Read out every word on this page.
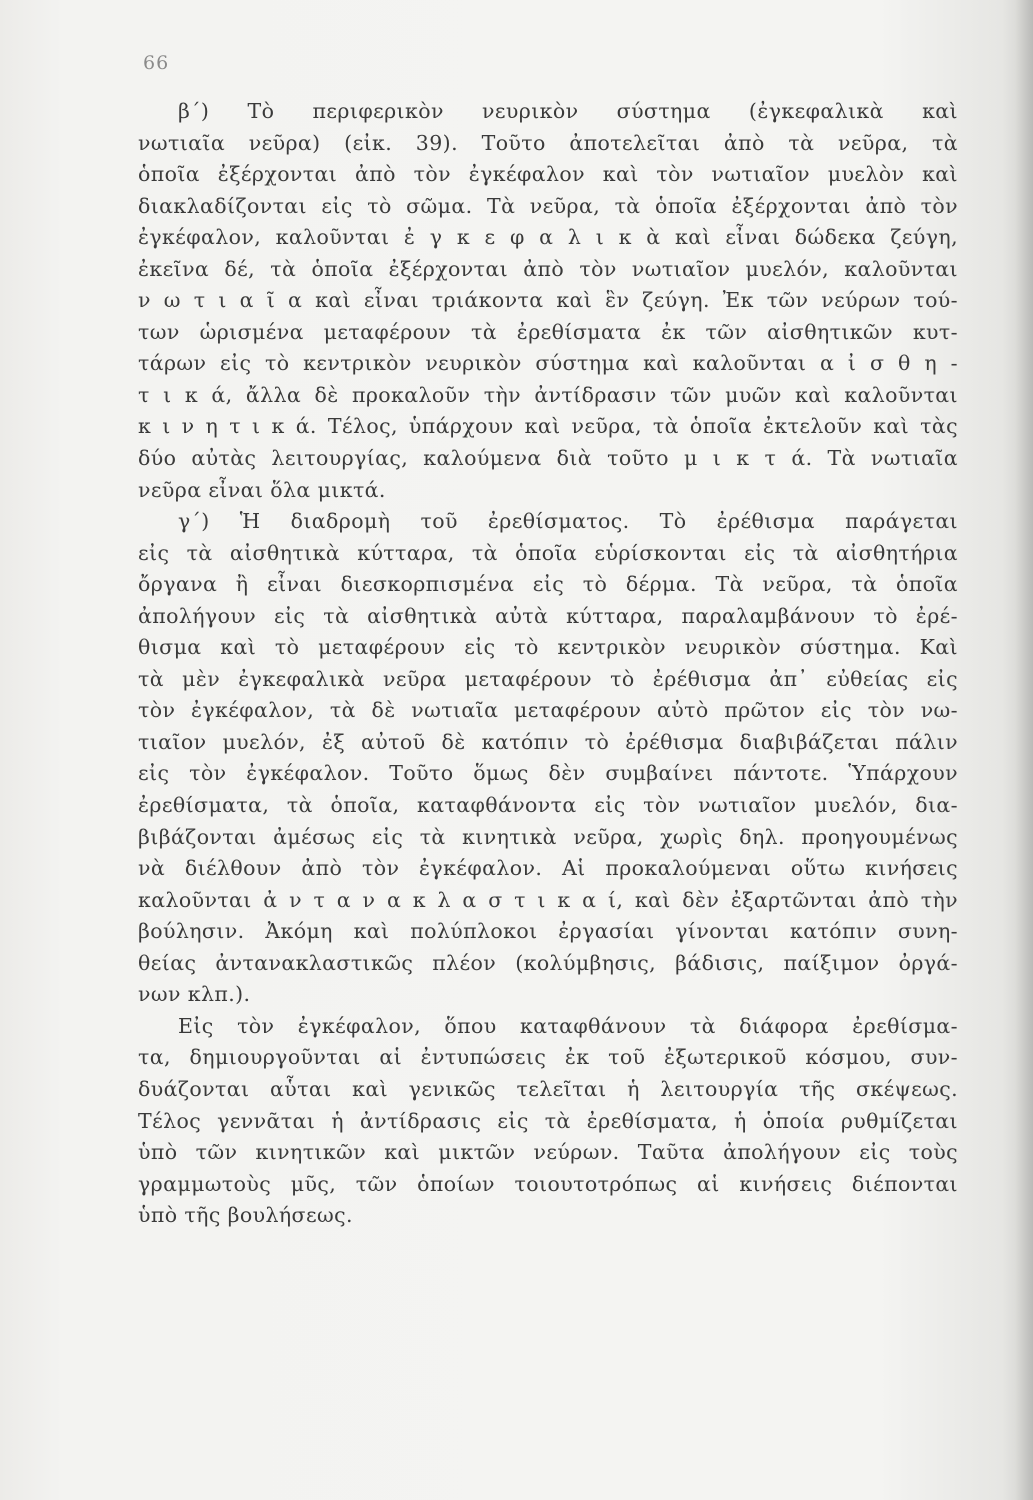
66
β΄) Τὸ περιφερικὸν νευρικὸν σύστημα (ἐγκεφαλικὰ καὶ
νωτιαῖα νεῦρα) (εἰκ. 39). Τοῦτο ἀποτελεῖται ἀπὸ τὰ νεῦρα, τὰ
ὁποῖα ἐξέρχονται ἀπὸ τὸν ἐγκέφαλον καὶ τὸν νωτιαῖον μυελὸν καὶ
διακλαδίζονται εἰς τὸ σῶμα. Τὰ νεῦρα, τὰ ὁποῖα ἐξέρχονται ἀπὸ τὸν
ἐγκέφαλον, καλοῦνται ἐ γ κ ε φ α λ ι κ ὰ καὶ εἶναι δώδεκα ζεύγη,
ἐκεῖνα δέ, τὰ ὁποῖα ἐξέρχονται ἀπὸ τὸν νωτιαῖον μυελόν, καλοῦνται
ν ω τ ι α ῖ α καὶ εἶναι τριάκοντα καὶ ἓν ζεύγη. Ἐκ τῶν νεύρων τού-
των ὡρισμένα μεταφέρουν τὰ ἐρεθίσματα ἐκ τῶν αἰσθητικῶν κυτ-
τάρων εἰς τὸ κεντρικὸν νευρικὸν σύστημα καὶ καλοῦνται α ἰ σ θ η -
τ ι κ ά, ἄλλα δὲ προκαλοῦν τὴν ἀντίδρασιν τῶν μυῶν καὶ καλοῦνται
κ ι ν η τ ι κ ά. Τέλος, ὑπάρχουν καὶ νεῦρα, τὰ ὁποῖα ἐκτελοῦν καὶ τὰς
δύο αὐτὰς λειτουργίας, καλούμενα διὰ τοῦτο μ ι κ τ ά. Τὰ νωτιαῖα
νεῦρα εἶναι ὅλα μικτά.
γ΄) Ἡ διαδρομὴ τοῦ ἐρεθίσματος. Τὸ ἐρέθισμα παράγεται
εἰς τὰ αἰσθητικὰ κύτταρα, τὰ ὁποῖα εὑρίσκονται εἰς τὰ αἰσθητήρια
ὄργανα ἢ εἶναι διεσκορπισμένα εἰς τὸ δέρμα. Τὰ νεῦρα, τὰ ὁποῖα
ἀπολήγουν εἰς τὰ αἰσθητικὰ αὐτὰ κύτταρα, παραλαμβάνουν τὸ ἐρέ-
θισμα καὶ τὸ μεταφέρουν εἰς τὸ κεντρικὸν νευρικὸν σύστημα. Καὶ
τὰ μὲν ἐγκεφαλικὰ νεῦρα μεταφέρουν τὸ ἐρέθισμα ἀπ᾿ εὐθείας εἰς
τὸν ἐγκέφαλον, τὰ δὲ νωτιαῖα μεταφέρουν αὐτὸ πρῶτον εἰς τὸν νω-
τιαῖον μυελόν, ἐξ αὐτοῦ δὲ κατόπιν τὸ ἐρέθισμα διαβιβάζεται πάλιν
εἰς τὸν ἐγκέφαλον. Τοῦτο ὅμως δὲν συμβαίνει πάντοτε. Ὑπάρχουν
ἐρεθίσματα, τὰ ὁποῖα, καταφθάνοντα εἰς τὸν νωτιαῖον μυελόν, δια-
βιβάζονται ἀμέσως εἰς τὰ κινητικὰ νεῦρα, χωρὶς δηλ. προηγουμένως
νὰ διέλθουν ἀπὸ τὸν ἐγκέφαλον. Αἱ προκαλούμεναι οὕτω κινήσεις
καλοῦνται ἀ ν τ α ν α κ λ α σ τ ι κ α ί, καὶ δὲν ἐξαρτῶνται ἀπὸ τὴν
βούλησιν. Ἀκόμη καὶ πολύπλοκοι ἐργασίαι γίνονται κατόπιν συνη-
θείας ἀντανακλαστικῶς πλέον (κολύμβησις, βάδισις, παίξιμον ὀργά-
νων κλπ.).
Εἰς τὸν ἐγκέφαλον, ὅπου καταφθάνουν τὰ διάφορα ἐρεθίσμα-
τα, δημιουργοῦνται αἱ ἐντυπώσεις ἐκ τοῦ ἐξωτερικοῦ κόσμου, συν-
δυάζονται αὗται καὶ γενικῶς τελεῖται ἡ λειτουργία τῆς σκέψεως.
Τέλος γεννᾶται ἡ ἀντίδρασις εἰς τὰ ἐρεθίσματα, ἡ ὁποία ρυθμίζεται
ὑπὸ τῶν κινητικῶν καὶ μικτῶν νεύρων. Ταῦτα ἀπολήγουν εἰς τοὺς
γραμμωτοὺς μῦς, τῶν ὁποίων τοιουτοτρόπως αἱ κινήσεις διέπονται
ὑπὸ τῆς βουλήσεως.
